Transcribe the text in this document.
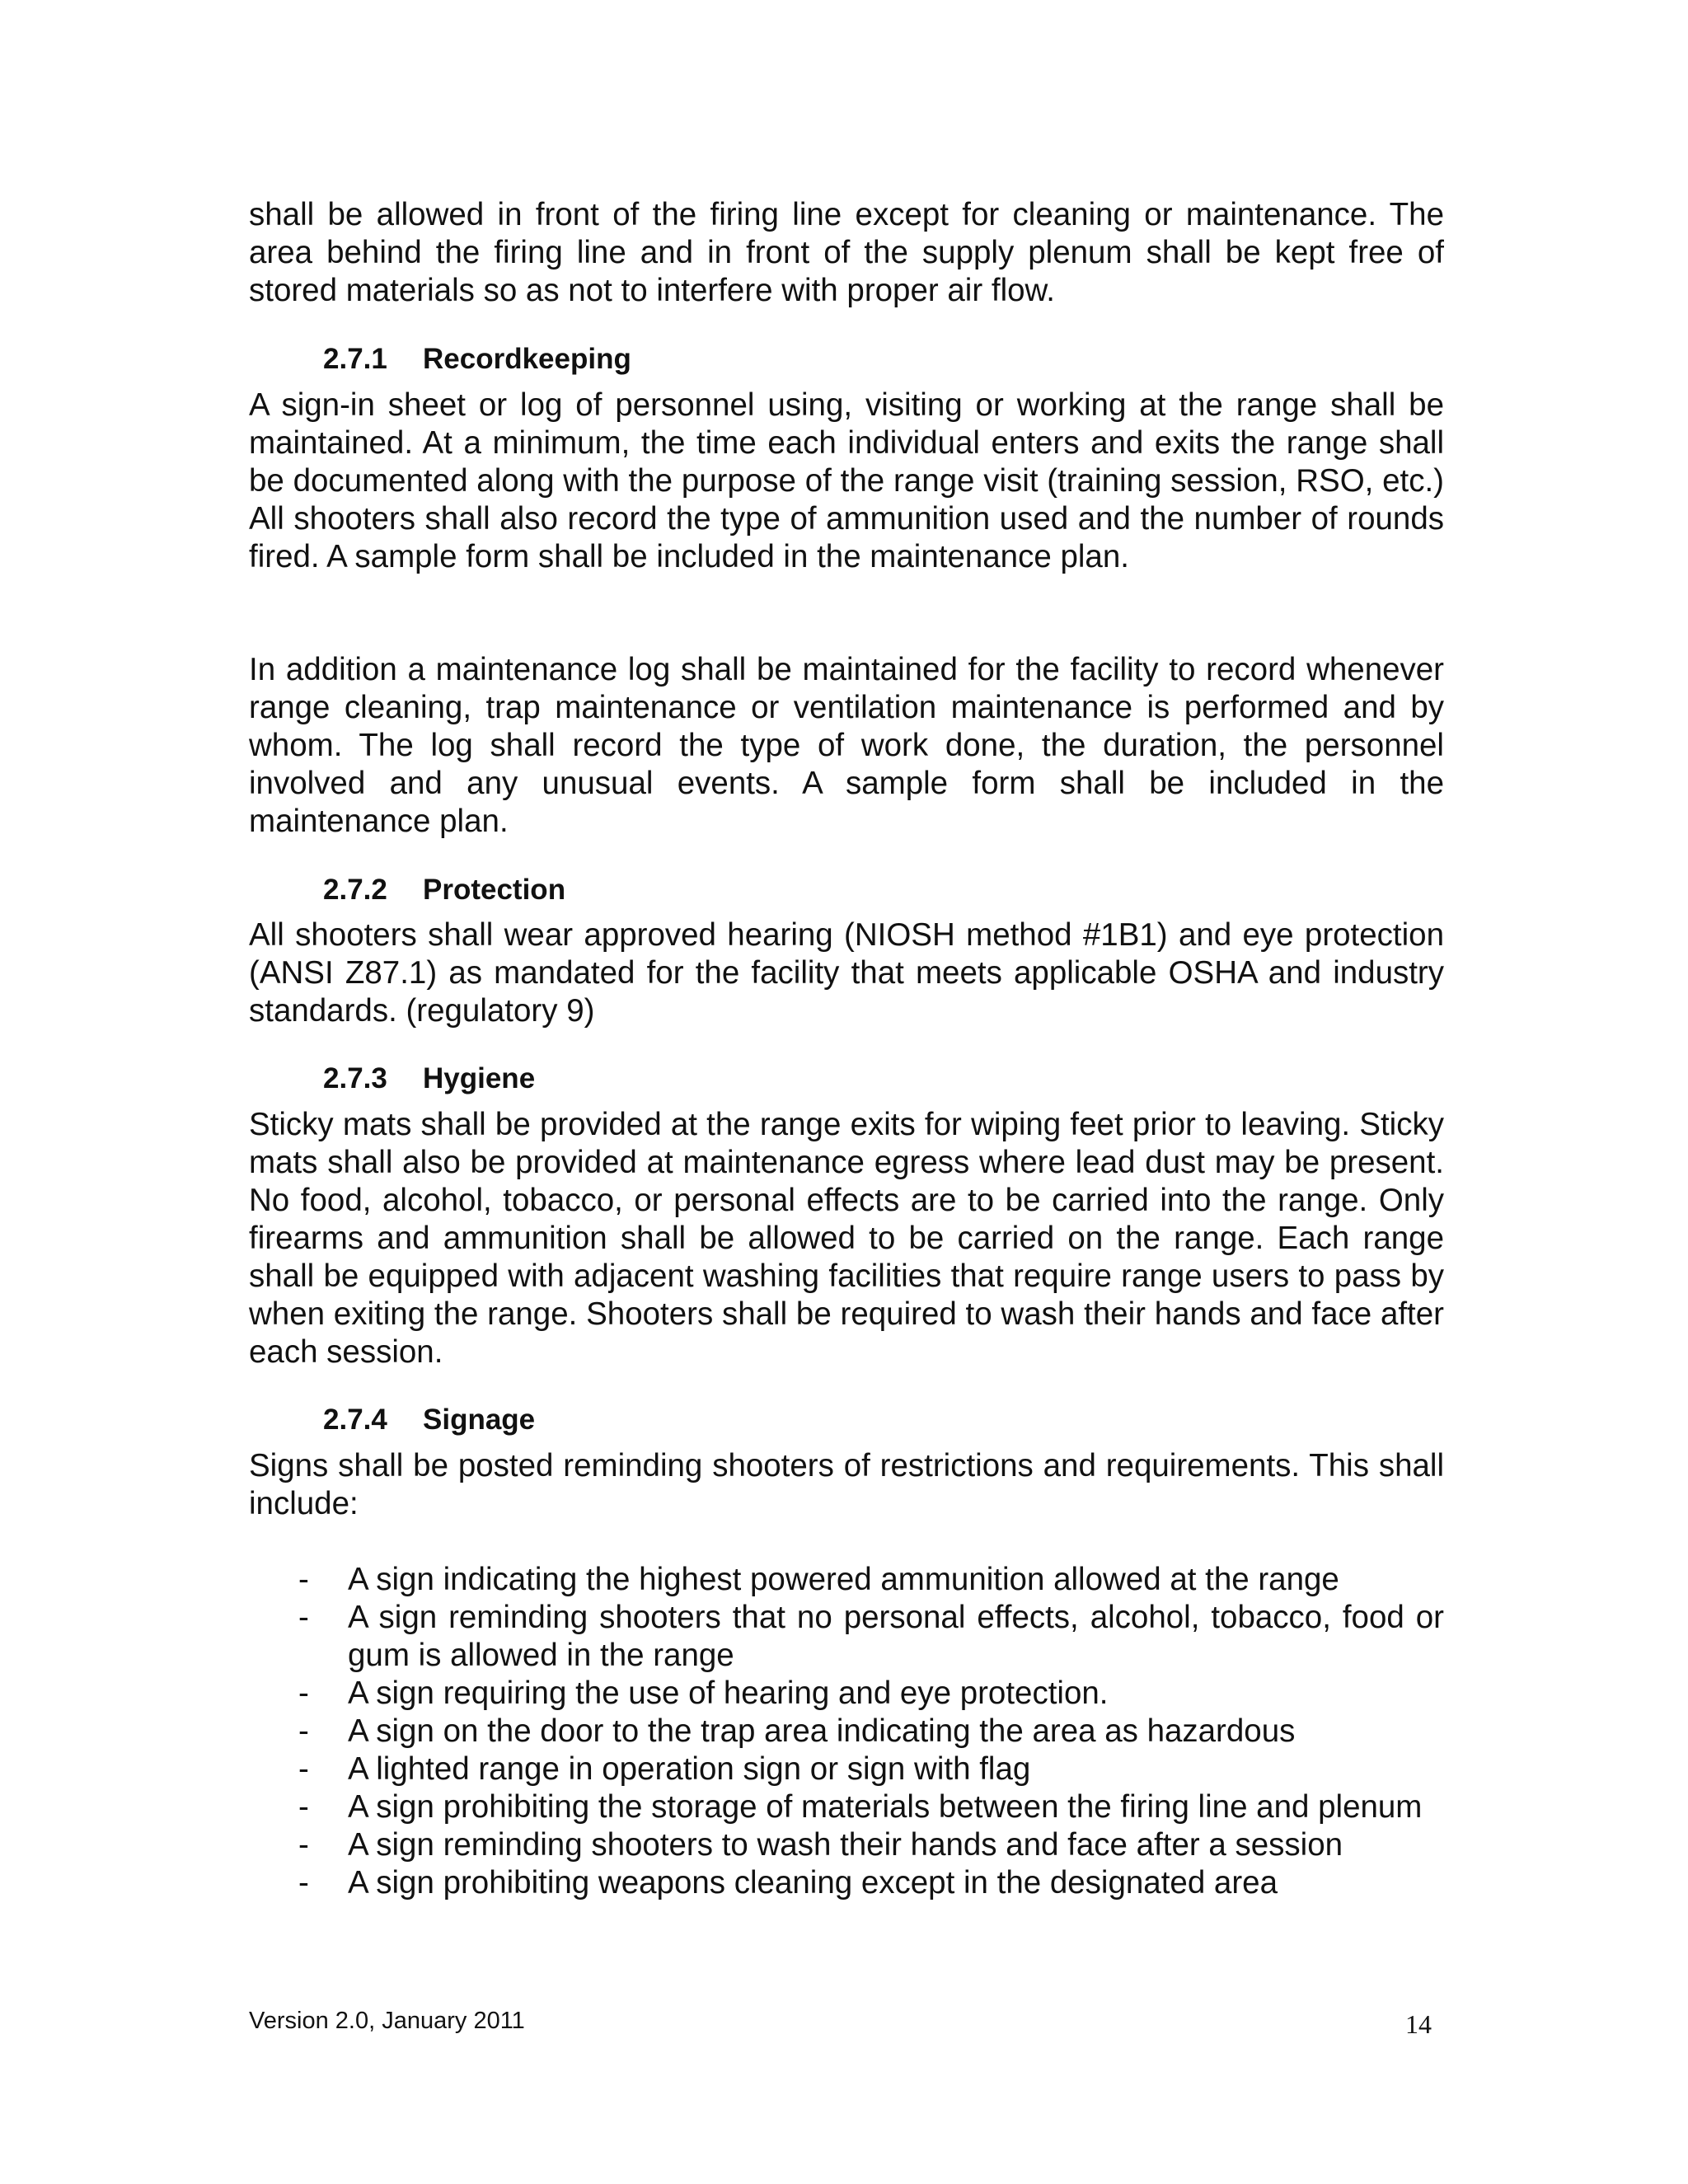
shall be allowed in front of the firing line except for cleaning or maintenance. The area behind the firing line and in front of the supply plenum shall be kept free of stored materials so as not to interfere with proper air flow.

2.7.1 Recordkeeping

A sign-in sheet or log of personnel using, visiting or working at the range shall be maintained. At a minimum, the time each individual enters and exits the range shall be documented along with the purpose of the range visit (training session, RSO, etc.) All shooters shall also record the type of ammunition used and the number of rounds fired. A sample form shall be included in the maintenance plan.

In addition a maintenance log shall be maintained for the facility to record whenever range cleaning, trap maintenance or ventilation maintenance is performed and by whom. The log shall record the type of work done, the duration, the personnel involved and any unusual events. A sample form shall be included in the maintenance plan.

2.7.2 Protection

All shooters shall wear approved hearing (NIOSH method #1B1) and eye protection (ANSI Z87.1) as mandated for the facility that meets applicable OSHA and industry standards. (regulatory 9)

2.7.3 Hygiene

Sticky mats shall be provided at the range exits for wiping feet prior to leaving. Sticky mats shall also be provided at maintenance egress where lead dust may be present. No food, alcohol, tobacco, or personal effects are to be carried into the range. Only firearms and ammunition shall be allowed to be carried on the range. Each range shall be equipped with adjacent washing facilities that require range users to pass by when exiting the range. Shooters shall be required to wash their hands and face after each session.

2.7.4 Signage

Signs shall be posted reminding shooters of restrictions and requirements. This shall include:

- A sign indicating the highest powered ammunition allowed at the range
- A sign reminding shooters that no personal effects, alcohol, tobacco, food or gum is allowed in the range
- A sign requiring the use of hearing and eye protection.
- A sign on the door to the trap area indicating the area as hazardous
- A lighted range in operation sign or sign with flag
- A sign prohibiting the storage of materials between the firing line and plenum
- A sign reminding shooters to wash their hands and face after a session
- A sign prohibiting weapons cleaning except in the designated area

Version 2.0, January 2011	14
